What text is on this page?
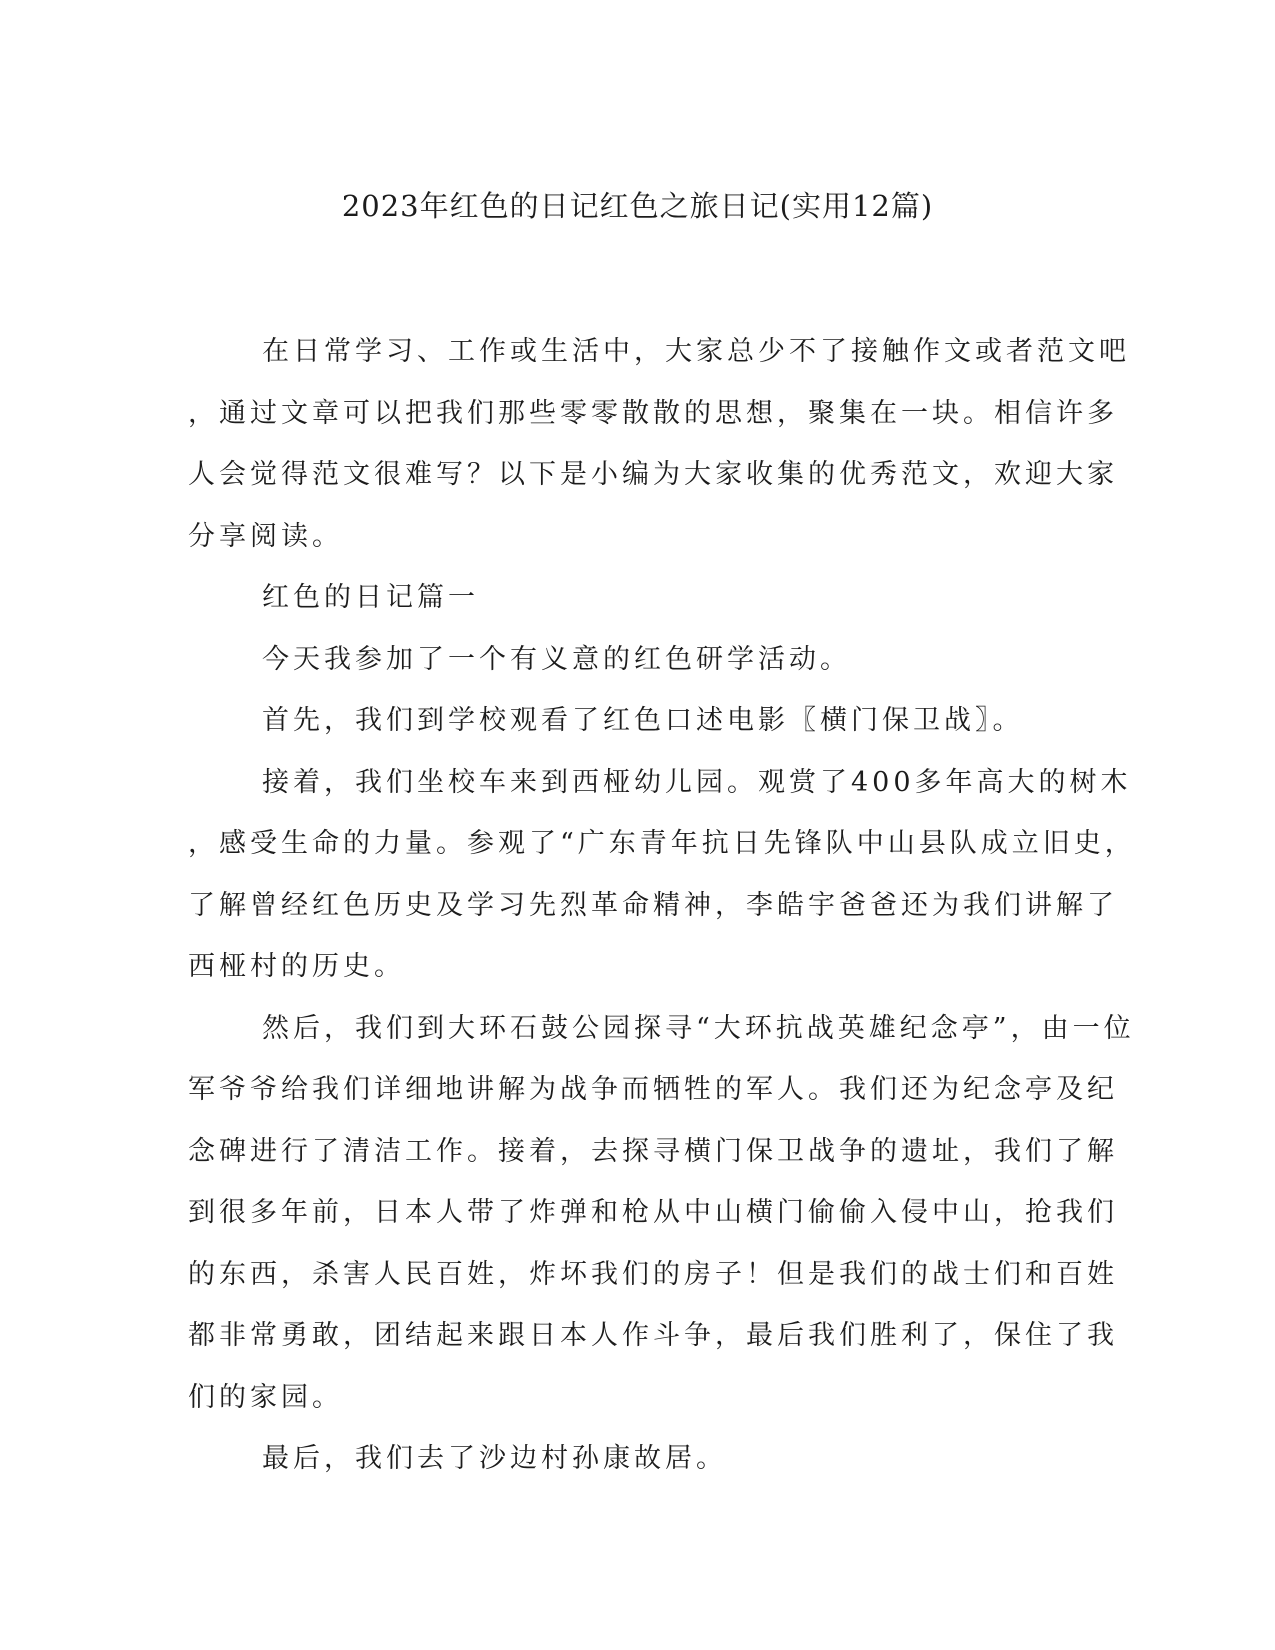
2023年红色的日记红色之旅日记(实用12篇)
在日常学习、工作或生活中，大家总少不了接触作文或者范文吧
，通过文章可以把我们那些零零散散的思想，聚集在一块。相信许多
人会觉得范文很难写？以下是小编为大家收集的优秀范文，欢迎大家
分享阅读。
红色的日记篇一
今天我参加了一个有义意的红色研学活动。
首先，我们到学校观看了红色口述电影〖横门保卫战〗。
接着，我们坐校车来到西桠幼儿园。观赏了400多年高大的树木
，感受生命的力量。参观了“广东青年抗日先锋队中山县队成立旧史，
了解曾经红色历史及学习先烈革命精神，李皓宇爸爸还为我们讲解了
西桠村的历史。
然后，我们到大环石鼓公园探寻“大环抗战英雄纪念亭”，由一位
军爷爷给我们详细地讲解为战争而牺牲的军人。我们还为纪念亭及纪
念碑进行了清洁工作。接着，去探寻横门保卫战争的遗址，我们了解
到很多年前，日本人带了炸弹和枪从中山横门偷偷入侵中山，抢我们
的东西，杀害人民百姓，炸坏我们的房子！但是我们的战士们和百姓
都非常勇敢，团结起来跟日本人作斗争，最后我们胜利了，保住了我
们的家园。
最后，我们去了沙边村孙康故居。
